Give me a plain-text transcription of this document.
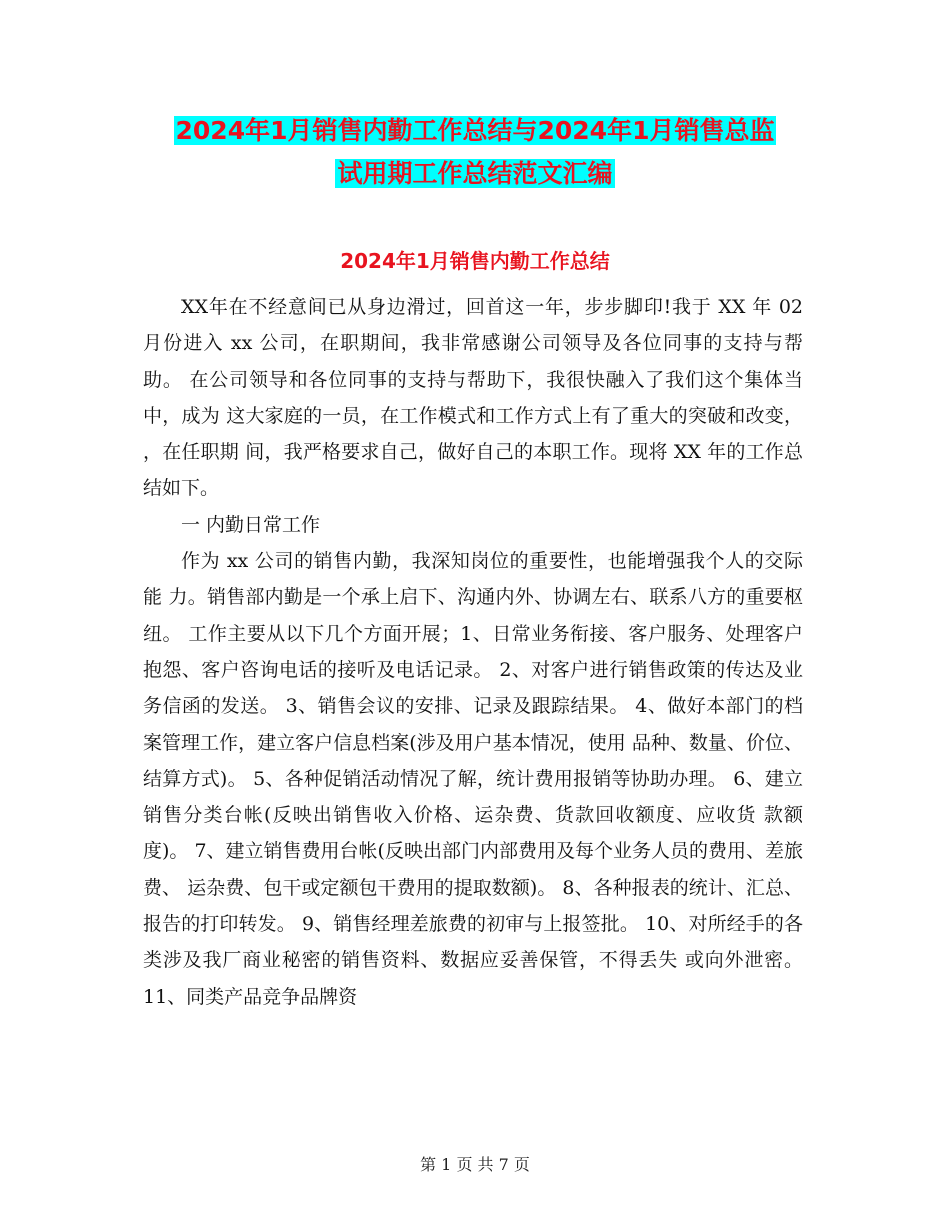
2024年1月销售内勤工作总结与2024年1月销售总监
试用期工作总结范文汇编
2024年1月销售内勤工作总结

XX年在不经意间已从身边滑过，回首这一年，步步脚印!我于 XX 年 02 月份进入 xx 公司，在职期间，我非常感谢公司领导及各位同事的支持与帮助。 在公司领导和各位同事的支持与帮助下，我很快融入了我们这个集体当中，成为 这大家庭的一员，在工作模式和工作方式上有了重大的突破和改变， ，在任职期 间，我严格要求自己，做好自己的本职工作。现将 XX 年的工作总结如下。

一 内勤日常工作

作为 xx 公司的销售内勤，我深知岗位的重要性，也能增强我个人的交际能 力。销售部内勤是一个承上启下、沟通内外、协调左右、联系八方的重要枢纽。 工作主要从以下几个方面开展；1、日常业务衔接、客户服务、处理客户抱怨、客户咨询电话的接听及电话记录。 2、对客户进行销售政策的传达及业务信函的发送。 3、销售会议的安排、记录及跟踪结果。 4、做好本部门的档案管理工作，建立客户信息档案(涉及用户基本情况，使用 品种、数量、价位、结算方式)。 5、各种促销活动情况了解，统计费用报销等协助办理。 6、建立销售分类台帐(反映出销售收入价格、运杂费、货款回收额度、应收货 款额度)。 7、建立销售费用台帐(反映出部门内部费用及每个业务人员的费用、差旅费、 运杂费、包干或定额包干费用的提取数额)。 8、各种报表的统计、汇总、报告的打印转发。 9、销售经理差旅费的初审与上报签批。 10、对所经手的各类涉及我厂商业秘密的销售资料、数据应妥善保管，不得丢失 或向外泄密。 11、同类产品竞争品牌资

第 1 页 共 7 页
